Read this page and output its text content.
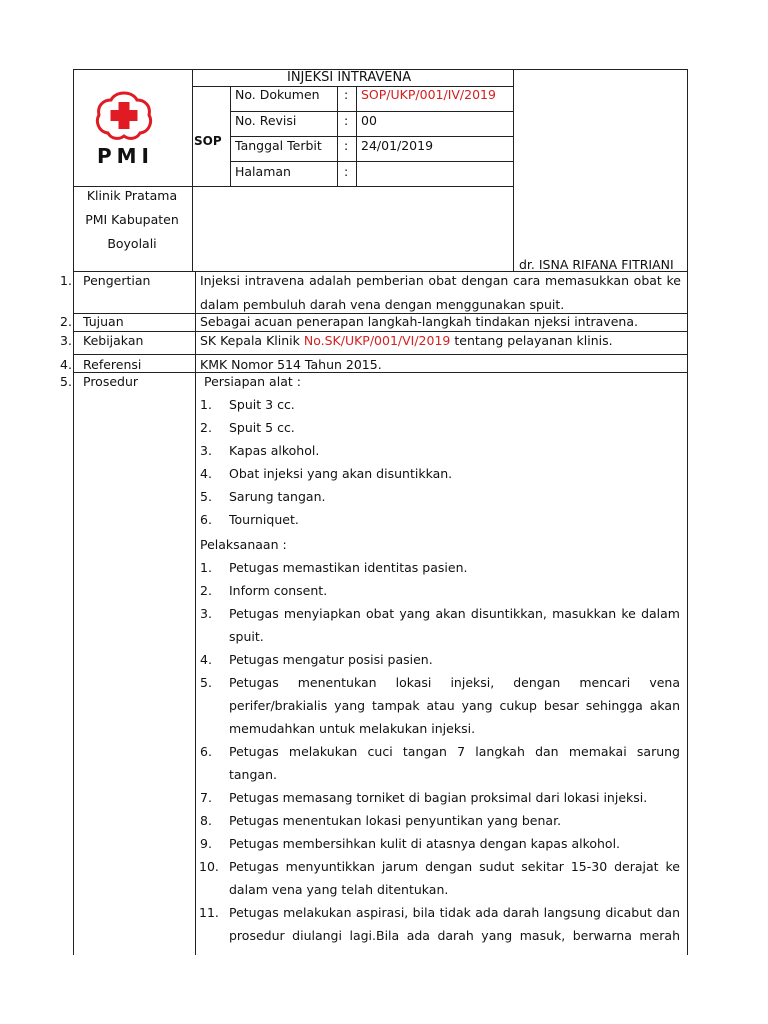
PMI
INJEKSI INTRAVENA
SOP
No. Dokumen : SOP/UKP/001/IV/2019
No. Revisi	: 00
Tanggal Terbit : 24/01/2019
Halaman	:
Klinik Pratama
PMI Kabupaten
Boyolali
dr. ISNA RIFANA FITRIANI
1. Pengertian	Injeksi intravena adalah pemberian obat dengan cara memasukkan obat ke
dalam pembuluh darah vena dengan menggunakan spuit.
2. Tujuan	Sebagai acuan penerapan langkah-langkah tindakan njeksi intravena.
3. Kebijakan	SK Kepala Klinik No.SK/UKP/001/VI/2019 tentang pelayanan klinis.
4. Referensi	KMK Nomor 514 Tahun 2015.
5. Prosedur	Persiapan alat :
1. Spuit 3 cc.
2. Spuit 5 cc.
3. Kapas alkohol.
4. Obat injeksi yang akan disuntikkan.
5. Sarung tangan.
6. Tourniquet.
Pelaksanaan :
1. Petugas memastikan identitas pasien.
2. Inform consent.
3. Petugas menyiapkan obat yang akan disuntikkan, masukkan ke dalam
spuit.
4. Petugas mengatur posisi pasien.
5. Petugas menentukan lokasi injeksi, dengan mencari vena
perifer/brakialis yang tampak atau yang cukup besar sehingga akan
memudahkan untuk melakukan injeksi.
6. Petugas melakukan cuci tangan 7 langkah dan memakai sarung
tangan.
7. Petugas memasang torniket di bagian proksimal dari lokasi injeksi.
8. Petugas menentukan lokasi penyuntikan yang benar.
9. Petugas membersihkan kulit di atasnya dengan kapas alkohol.
10. Petugas menyuntikkan jarum dengan sudut sekitar 15-30 derajat ke
dalam vena yang telah ditentukan.
11. Petugas melakukan aspirasi, bila tidak ada darah langsung dicabut dan
prosedur diulangi lagi.Bila ada darah yang masuk, berwarna merah
